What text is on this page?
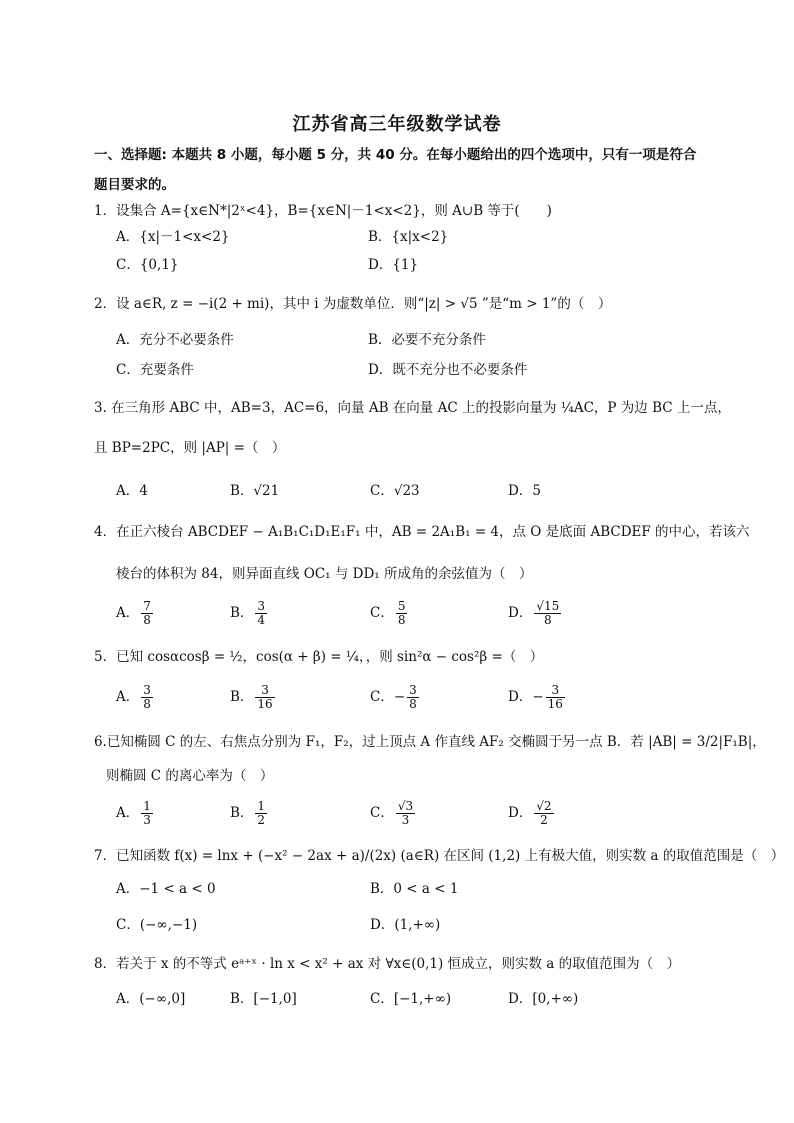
江苏省高三年级数学试卷
一、选择题: 本题共 8 小题，每小题 5 分，共 40 分。在每小题给出的四个选项中，只有一项是符合
题目要求的。
1．设集合 A={x∈N*|2ˣ<4}，B={x∈N|－1<x<2}，则 A∪B 等于(　　)
A．{x|－1<x<2}	B．{x|x<2}
C．{0,1}	D．{1}
2．设 a∈R, z = −i(2 + mi)，其中 i 为虚数单位．则“|z| > √5 ”是“m > 1”的（　）
A．充分不必要条件	B．必要不充分条件
C．充要条件	D．既不充分也不必要条件
3. 在三角形 ABC 中，AB=3，AC=6，向量 AB 在向量 AC 上的投影向量为 ¼AC，P 为边 BC 上一点，
且 BP=2PC，则 |AP| =（　）
A．4	B．√21	C．√23	D．5
4．在正六棱台 ABCDEF − A₁B₁C₁D₁E₁F₁ 中，AB = 2A₁B₁ = 4，点 O 是底面 ABCDEF 的中心，若该六
棱台的体积为 84，则异面直线 OC₁ 与 DD₁ 所成角的余弦值为（　）
A． $\frac{7}{8}$	B． $\frac{3}{4}$	C． $\frac{5}{8}$	D． $\frac{√15}{8}$
5．已知 cosαcosβ = ½，cos(α + β) = ¼，，则 sin²α − cos²β =（　）
A． $\frac{3}{8}$	B． $\frac{3}{16}$	C．− $\frac{3}{8}$	D．− $\frac{3}{16}$
6.已知椭圆 C 的左、右焦点分别为 F₁，F₂，过上顶点 A 作直线 AF₂ 交椭圆于另一点 B．若 |AB| = 3/2|F₁B|，
则椭圆 C 的离心率为（　）
A． $\frac{1}{3}$	B． $\frac{1}{2}$	C． $\frac{√3}{3}$	D． $\frac{√2}{2}$
7．已知函数 f(x) = lnx + (−x² − 2ax + a)/(2x) (a∈R) 在区间 (1,2) 上有极大值，则实数 a 的取值范围是（　）
A．−1 < a < 0	B．0 < a < 1
C．(−∞,−1)	D．(1,+∞)
8．若关于 x 的不等式 eᵃ⁺ˣ · ln x < x² + ax 对 ∀x∈(0,1) 恒成立，则实数 a 的取值范围为（　）
A．(−∞,0]	B．[−1,0]	C．[−1,+∞)	D．[0,+∞)
